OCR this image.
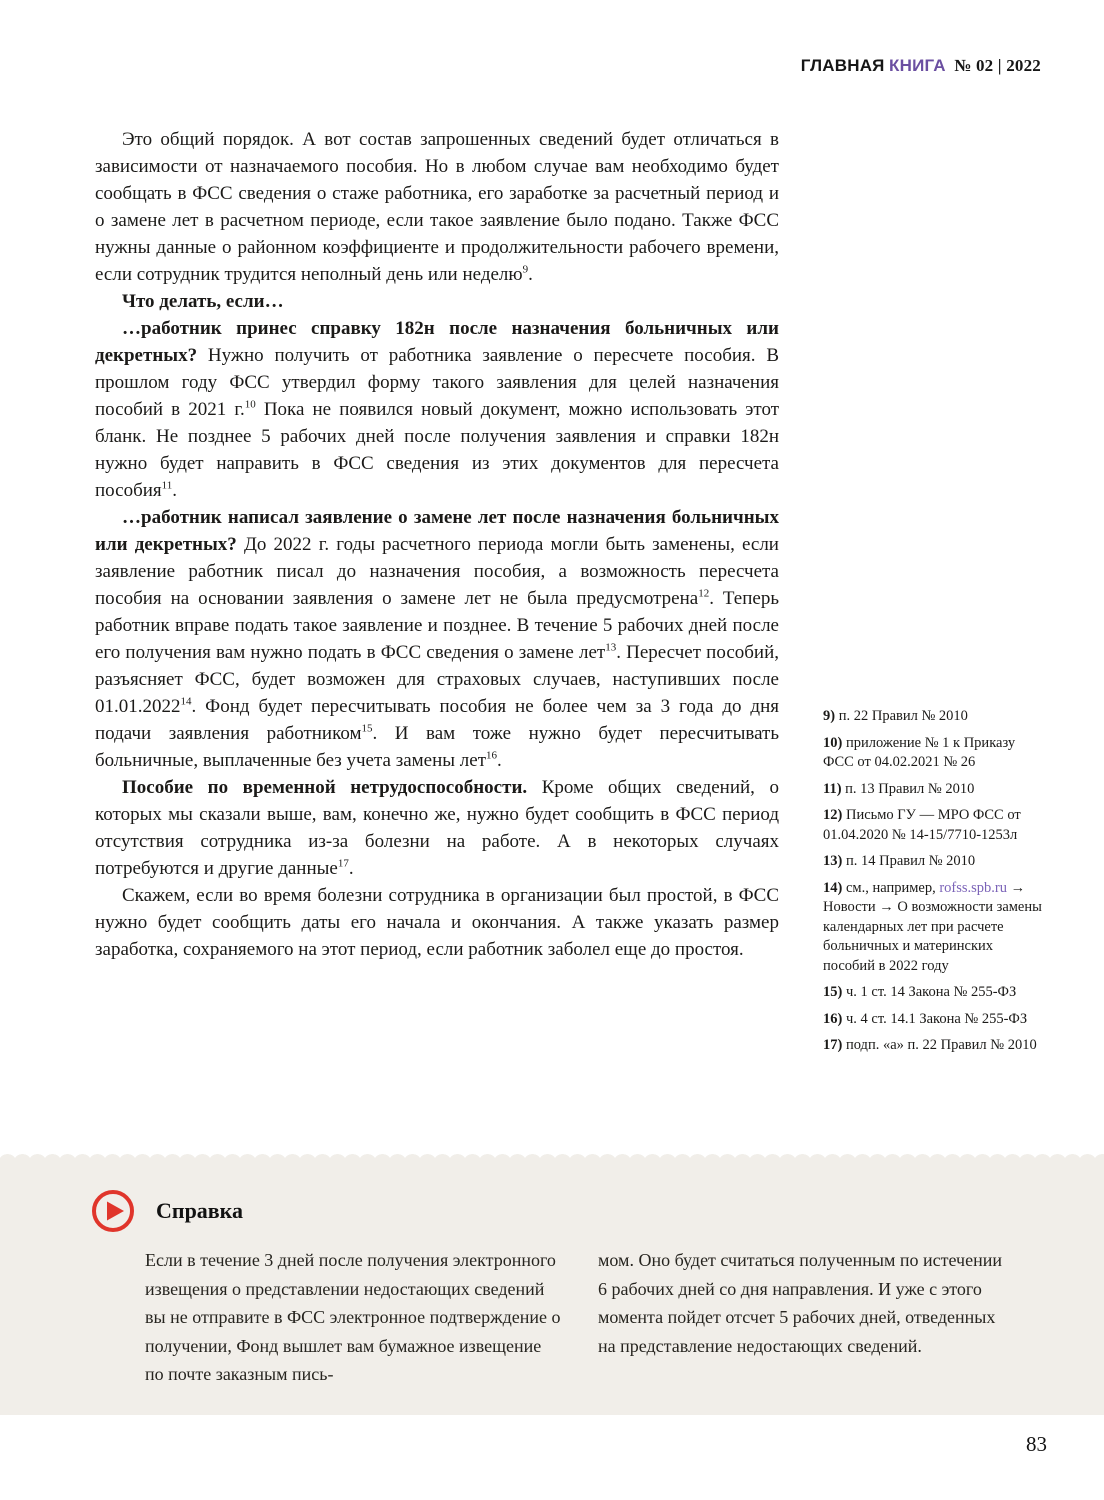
ГЛАВНАЯ КНИГА № 02 | 2022

Это общий порядок. А вот состав запрошенных сведений будет отличаться в зависимости от назначаемого пособия. Но в любом случае вам необходимо будет сообщать в ФСС сведения о стаже работника, его заработке за расчетный период и о замене лет в расчетном периоде, если такое заявление было подано. Также ФСС нужны данные о районном коэффициенте и продолжительности рабочего времени, если сотрудник трудится неполный день или неделю$^9$.

Что делать, если…

…работник принес справку 182н после назначения больничных или декретных? Нужно получить от работника заявление о пересчете пособия. В прошлом году ФСС утвердил форму такого заявления для целей назначения пособий в 2021 г.$^{10}$ Пока не появился новый документ, можно использовать этот бланк. Не позднее 5 рабочих дней после получения заявления и справки 182н нужно будет направить в ФСС сведения из этих документов для пересчета пособия$^{11}$.

…работник написал заявление о замене лет после назначения больничных или декретных? До 2022 г. годы расчетного периода могли быть заменены, если заявление работник писал до назначения пособия, а возможность пересчета пособия на основании заявления о замене лет не была предусмотрена$^{12}$. Теперь работник вправе подать такое заявление и позднее. В течение 5 рабочих дней после его получения вам нужно подать в ФСС сведения о замене лет$^{13}$. Пересчет пособий, разъясняет ФСС, будет возможен для страховых случаев, наступивших после 01.01.2022$^{14}$. Фонд будет пересчитывать пособия не более чем за 3 года до дня подачи заявления работником$^{15}$. И вам тоже нужно будет пересчитывать больничные, выплаченные без учета замены лет$^{16}$.

Пособие по временной нетрудоспособности. Кроме общих сведений, о которых мы сказали выше, вам, конечно же, нужно будет сообщить в ФСС период отсутствия сотрудника из-за болезни на работе. А в некоторых случаях потребуются и другие данные$^{17}$.

Скажем, если во время болезни сотрудника в организации был простой, в ФСС нужно будет сообщить даты его начала и окончания. А также указать размер заработка, сохраняемого на этот период, если работник заболел еще до простоя.

9) п. 22 Правил № 2010

10) приложение № 1 к Приказу ФСС от 04.02.2021 № 26

11) п. 13 Правил № 2010

12) Письмо ГУ — МРО ФСС от 01.04.2020 № 14-15/7710-1253л

13) п. 14 Правил № 2010

14) см., например, rofss.spb.ru → Новости → О возможности замены календарных лет при расчете больничных и материнских пособий в 2022 году

15) ч. 1 ст. 14 Закона № 255-ФЗ

16) ч. 4 ст. 14.1 Закона № 255-ФЗ

17) подп. «а» п. 22 Правил № 2010

Справка

Если в течение 3 дней после получения электронного извещения о представлении недостающих сведений вы не отправите в ФСС электронное подтверждение о получении, Фонд вышлет вам бумажное извещение по почте заказным пись-

мом. Оно будет считаться полученным по истечении 6 рабочих дней со дня направления. И уже с этого момента пойдет отсчет 5 рабочих дней, отведенных на представление недостающих сведений.

83
